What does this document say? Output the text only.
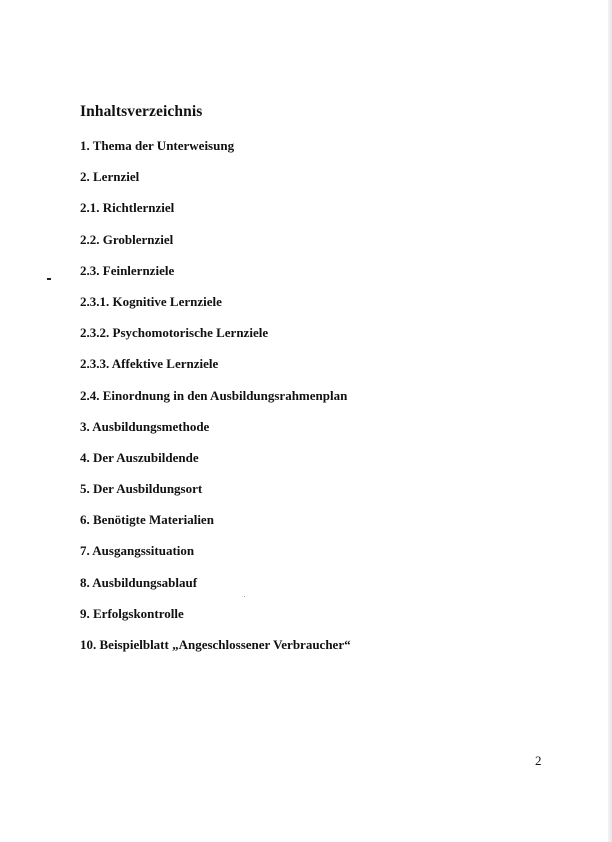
Inhaltsverzeichnis
1. Thema der Unterweisung
2. Lernziel
2.1. Richtlernziel
2.2. Groblernziel
2.3. Feinlernziele
2.3.1. Kognitive Lernziele
2.3.2. Psychomotorische Lernziele
2.3.3. Affektive Lernziele
2.4. Einordnung in den Ausbildungsrahmenplan
3. Ausbildungsmethode
4. Der Auszubildende
5. Der Ausbildungsort
6. Benötigte Materialien
7. Ausgangssituation
8. Ausbildungsablauf
9. Erfolgskontrolle
10. Beispielblatt „Angeschlossener Verbraucher“
2
